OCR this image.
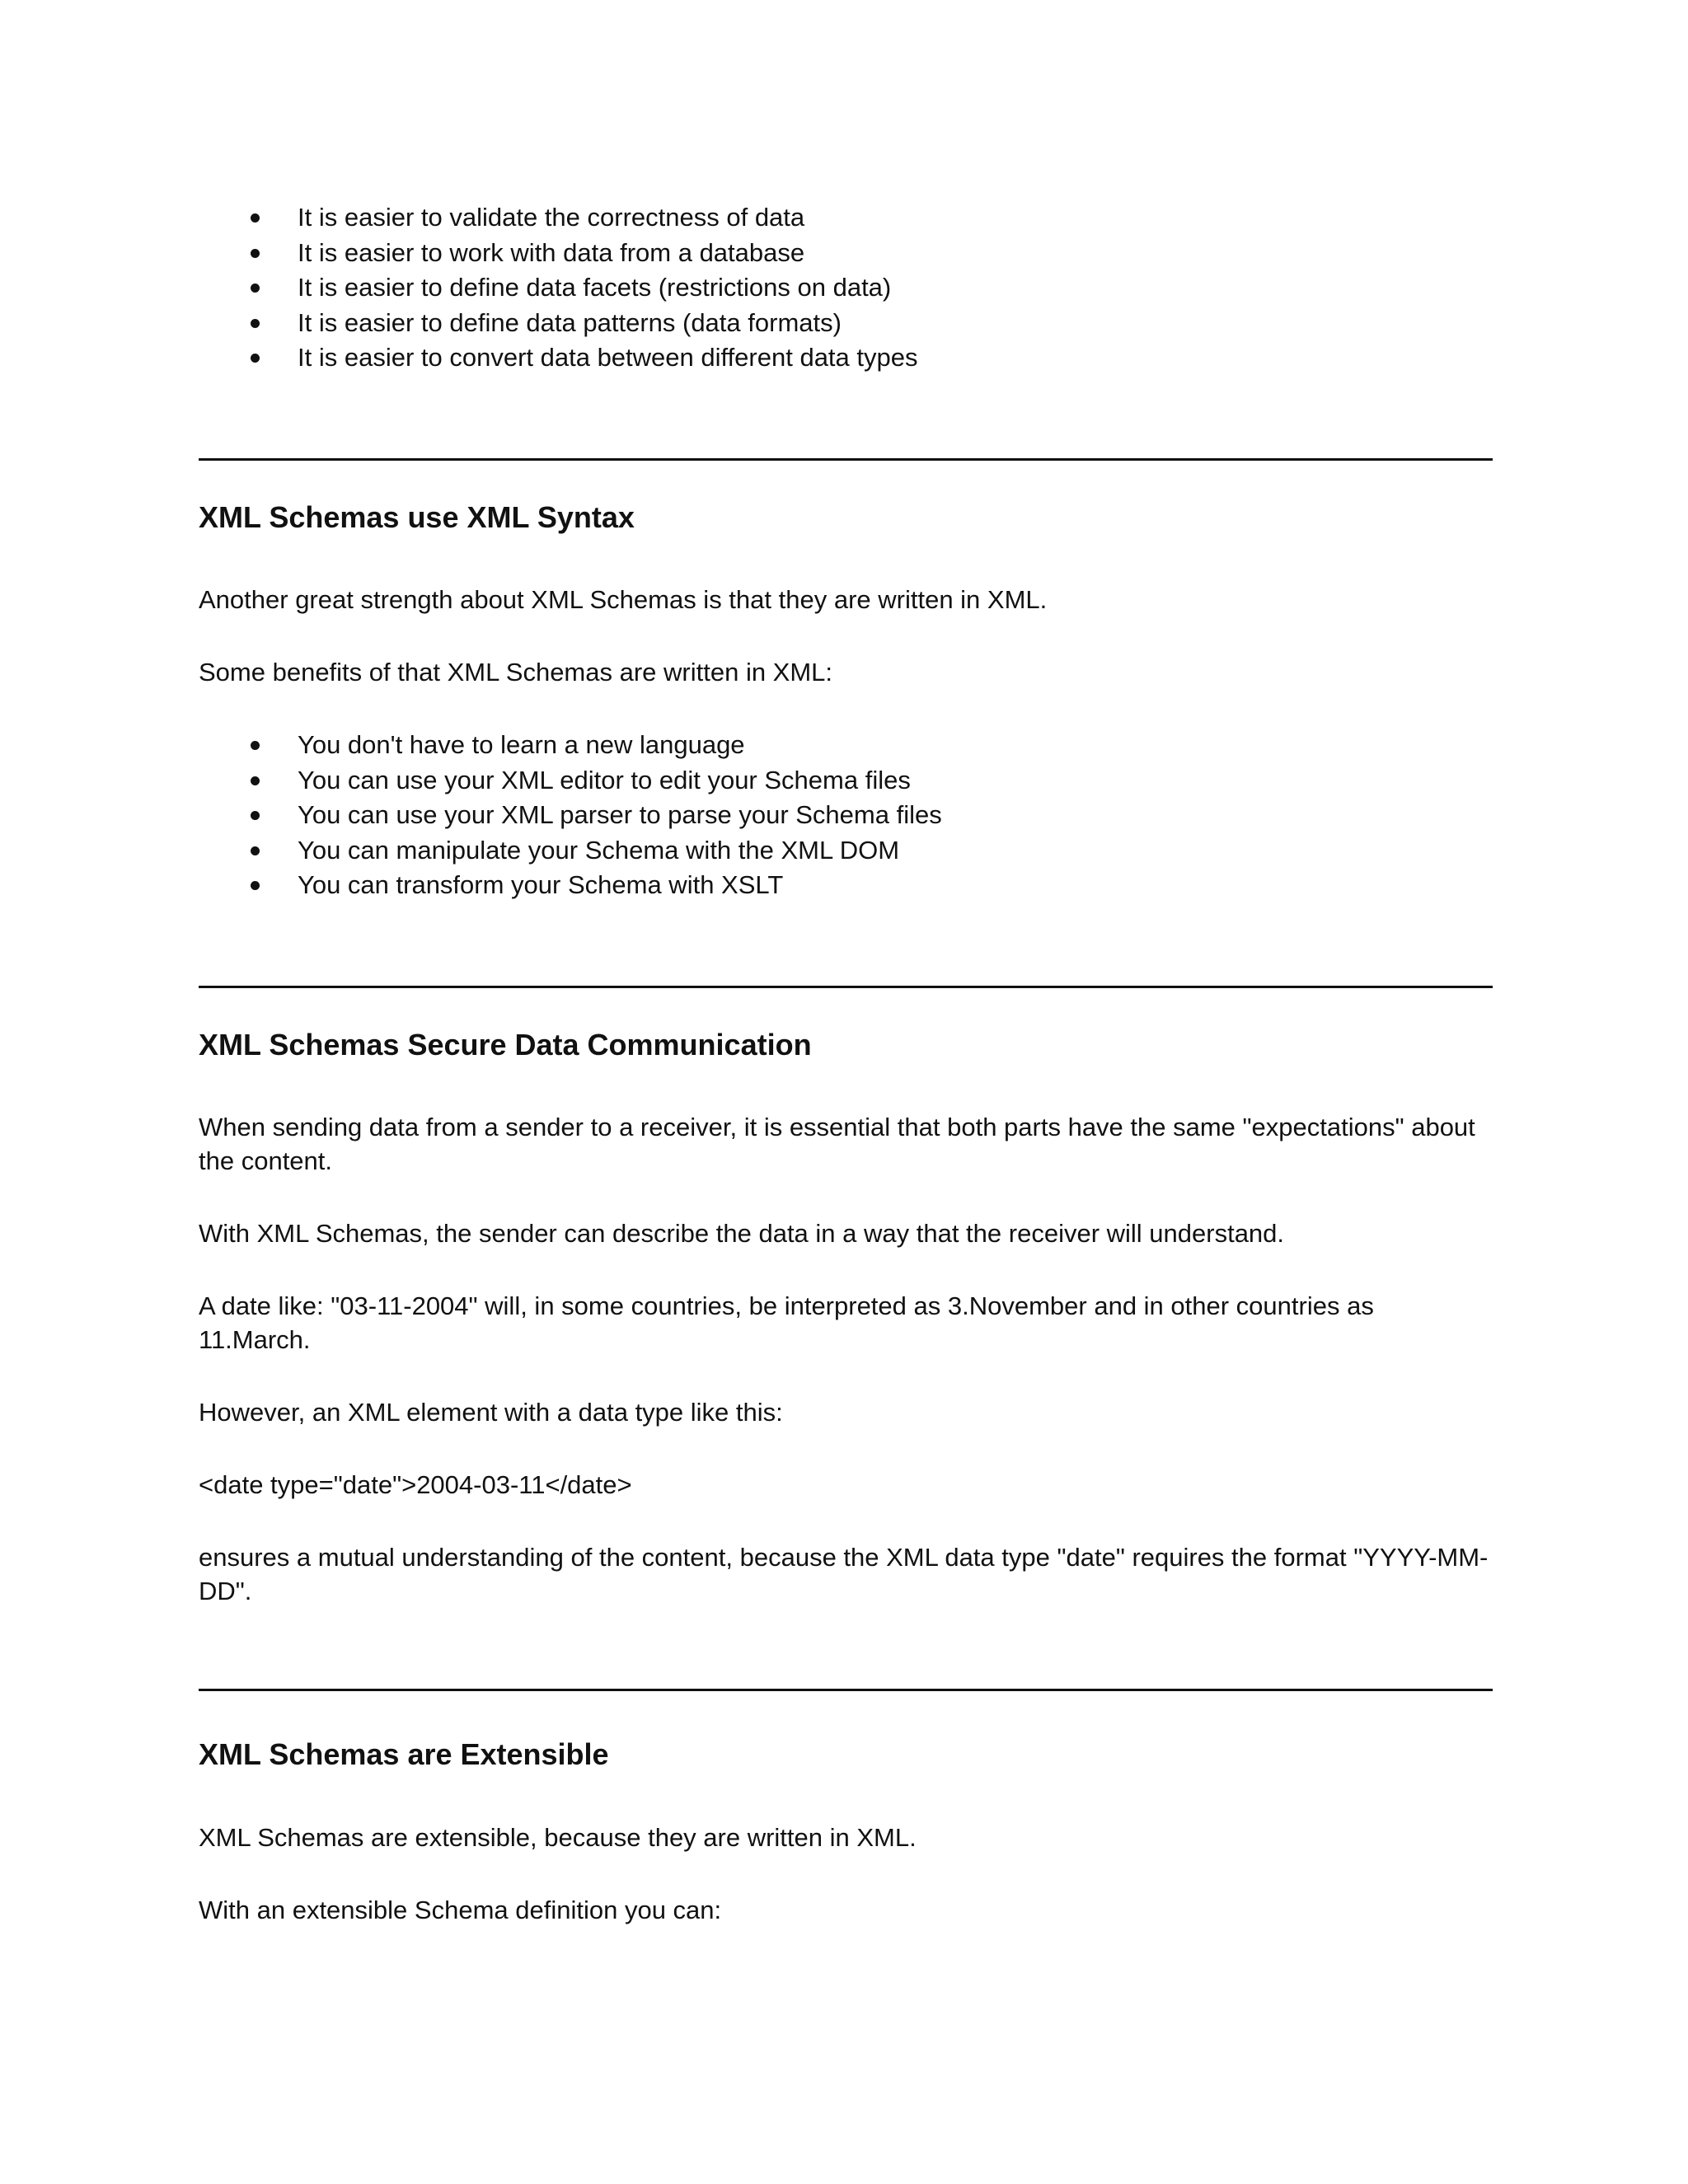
It is easier to validate the correctness of data
It is easier to work with data from a database
It is easier to define data facets (restrictions on data)
It is easier to define data patterns (data formats)
It is easier to convert data between different data types
XML Schemas use XML Syntax

Another great strength about XML Schemas is that they are written in XML.

Some benefits of that XML Schemas are written in XML:

You don't have to learn a new language
You can use your XML editor to edit your Schema files
You can use your XML parser to parse your Schema files
You can manipulate your Schema with the XML DOM
You can transform your Schema with XSLT
XML Schemas Secure Data Communication

When sending data from a sender to a receiver, it is essential that both parts have the same "expectations" about

the content.

With XML Schemas, the sender can describe the data in a way that the receiver will understand.

A date like: "03-11-2004" will, in some countries, be interpreted as 3.November and in other countries as

11.March.

However, an XML element with a data type like this:

<date type="date">2004-03-11</date>

ensures a mutual understanding of the content, because the XML data type "date" requires the format "YYYY-MM-

DD".

XML Schemas are Extensible

XML Schemas are extensible, because they are written in XML.

With an extensible Schema definition you can:
